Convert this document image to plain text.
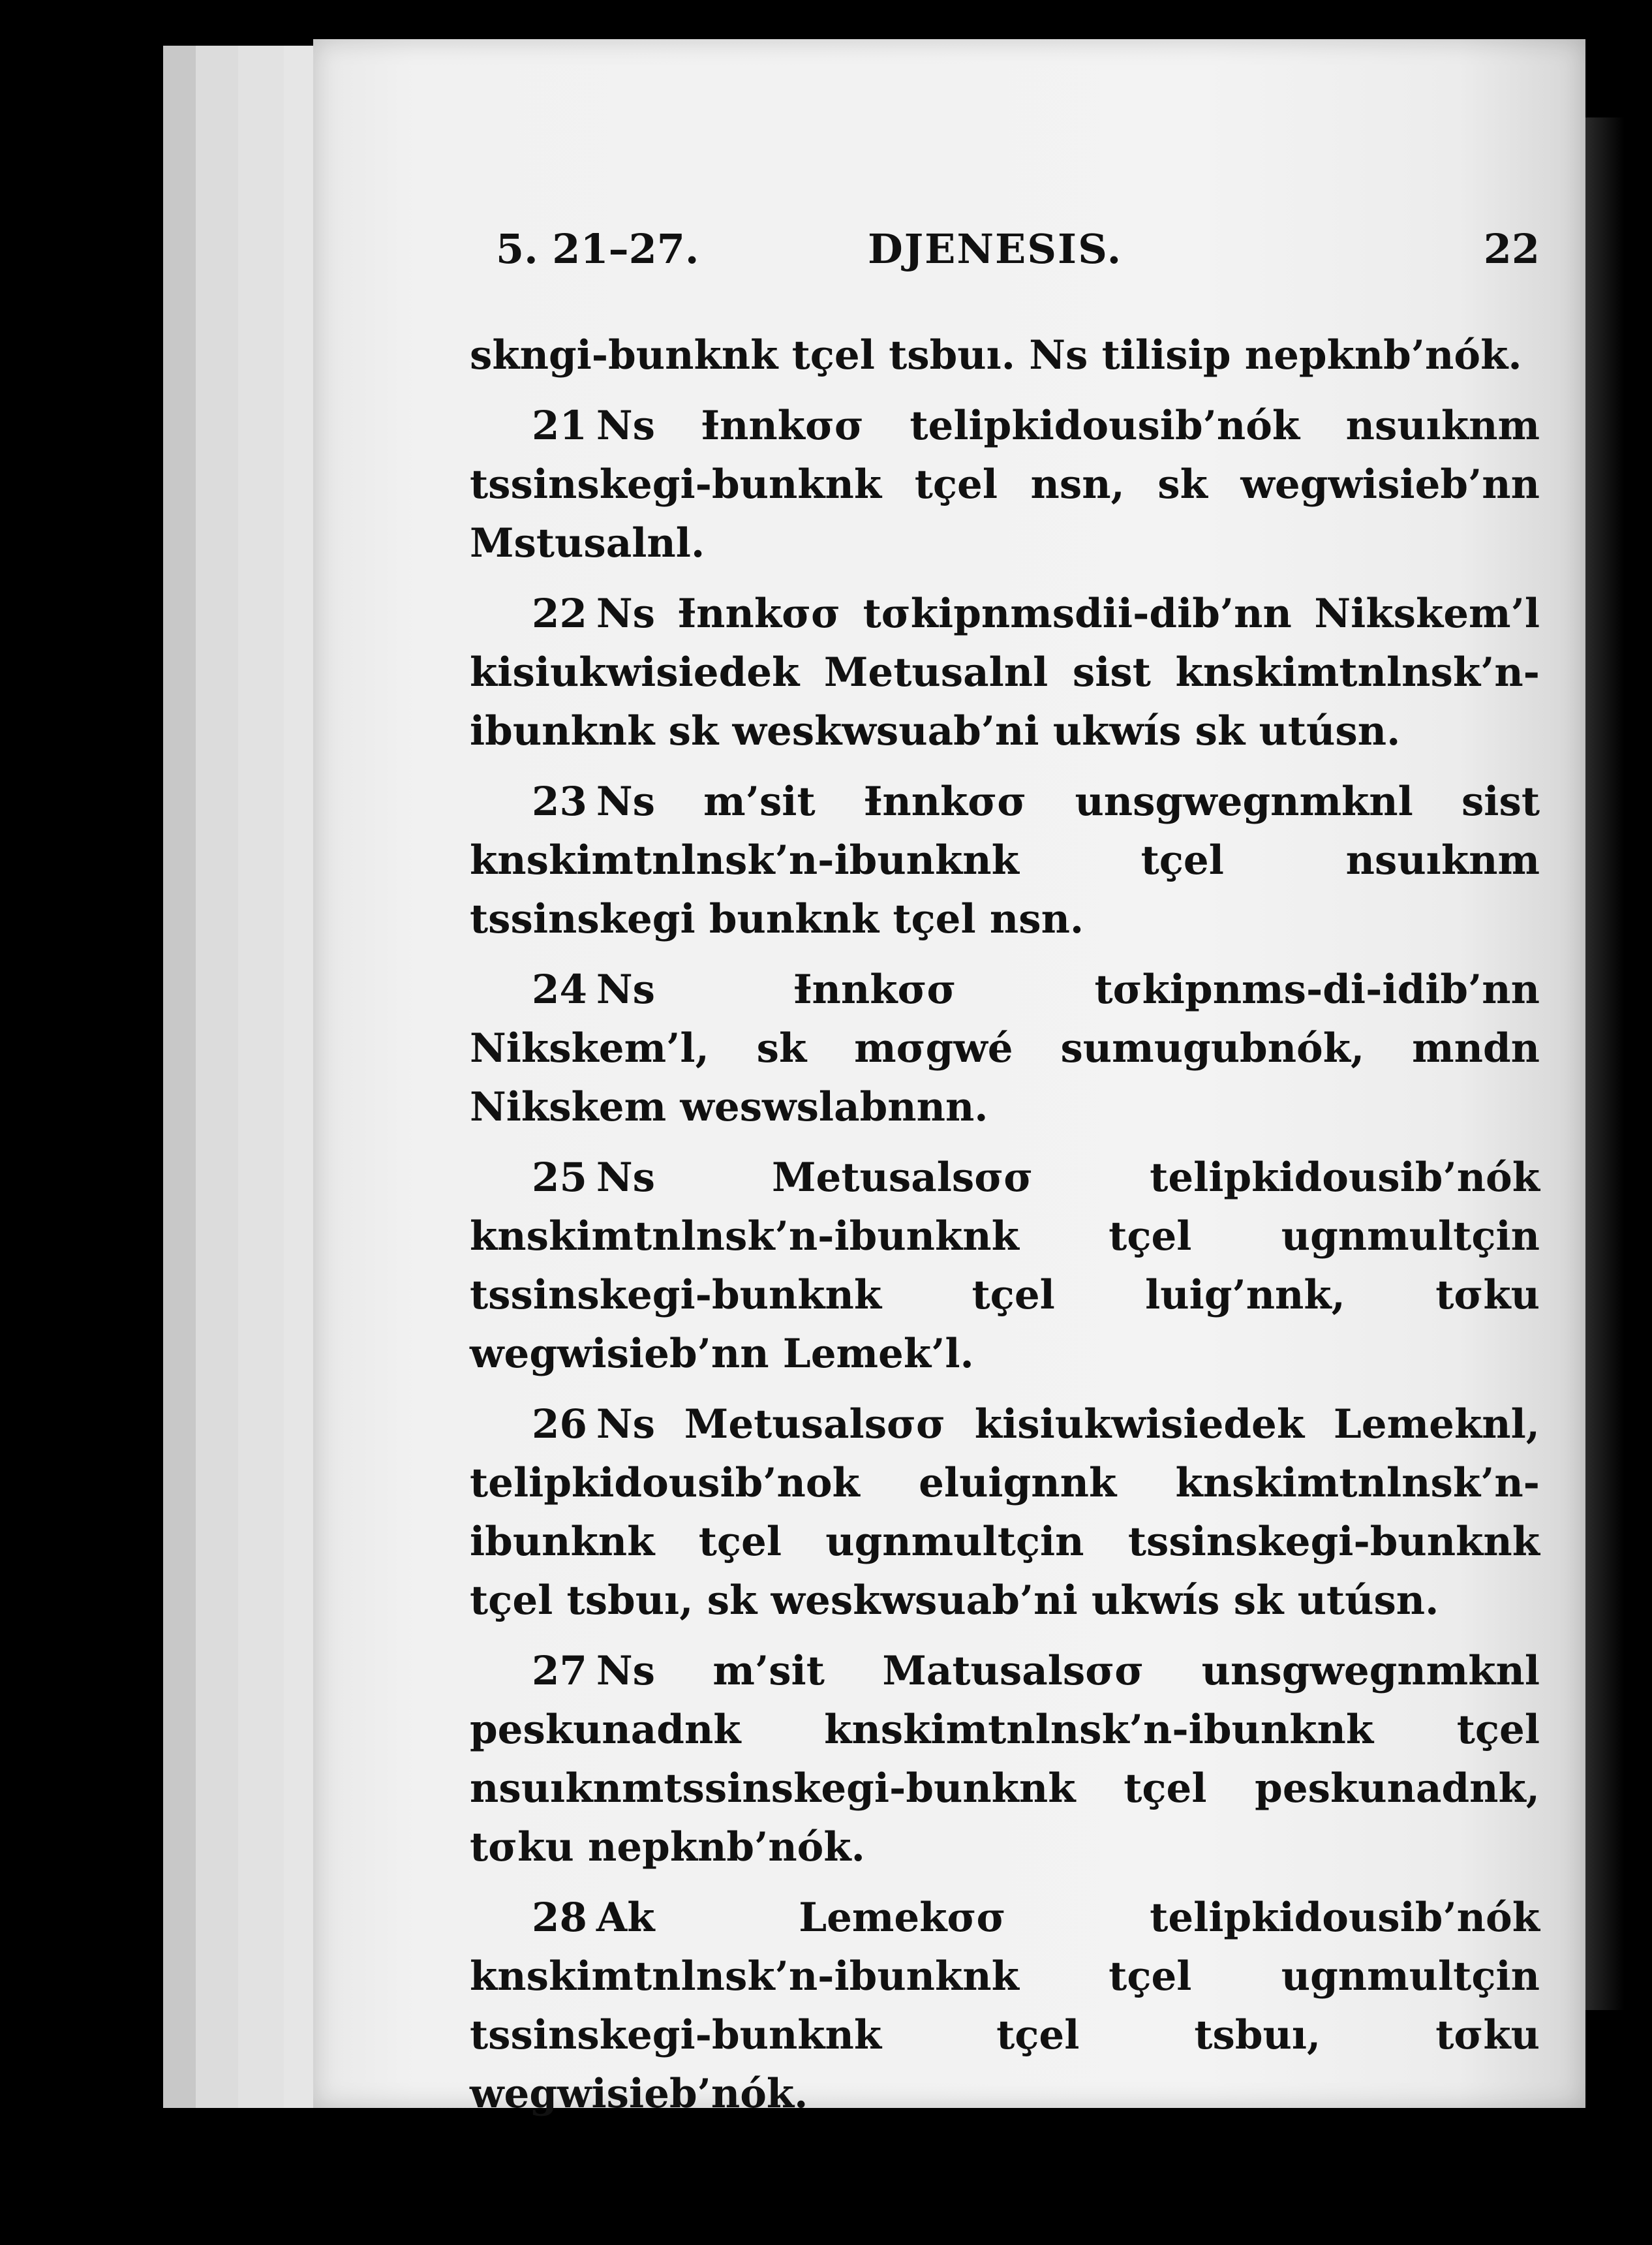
5. 21–27.	DJENESIS.	22

skngi-bunknk tçel tsbuı. Ns tilisip nepknb’nók.

21 Ns Ɨnnkσσ telipkidousib’nók nsuıknm tssinskegi-bunknk tçel nsn, sk wegwisieb’nn Mstusalnl.

22 Ns Ɨnnkσσ tσkipnmsdii-dib’nn Nikskem’l kisiukwisiedek Metusalnl sist knskimtnlnsk’n-ibunknk sk weskwsuab’ni ukwís sk utúsn.

23 Ns m’sit Ɨnnkσσ unsgwegnmknl sist knskimtnlnsk’n-ibunknk tçel nsuıknm tssinskegi bunknk tçel nsn.

24 Ns Ɨnnkσσ tσkipnms-di-idib’nn Nikskem’l, sk mσgwé sumugubnók, mndn Nikskem weswslabnnn.

25 Ns Metusalsσσ telipkidousib’nók knskimtnlnsk’n-ibunknk tçel ugnmultçin tssinskegi-bunknk tçel luig’nnk, tσku wegwisieb’nn Lemek’l.

26 Ns Metusalsσσ kisiukwisiedek Lemeknl, telipkidousib’nok eluignnk knskimtnlnsk’n-ibunknk tçel ugnmultçin tssinskegi-bunknk tçel tsbuı, sk weskwsuab’ni ukwís sk utúsn.

27 Ns m’sit Matusalsσσ unsgwegnmknl peskunadnk knskimtnlnsk’n-ibunknk tçel nsuıknmtssinskegi-bunknk tçel peskunadnk, tσku nepknb’nók.

28 Ak Lemekσσ telipkidousib’nók knskimtnlnsk’n-ibunknk tçel ugnmultçin tssinskegi-bunknk tçel tsbuı, tσku wegwisieb’nók.
